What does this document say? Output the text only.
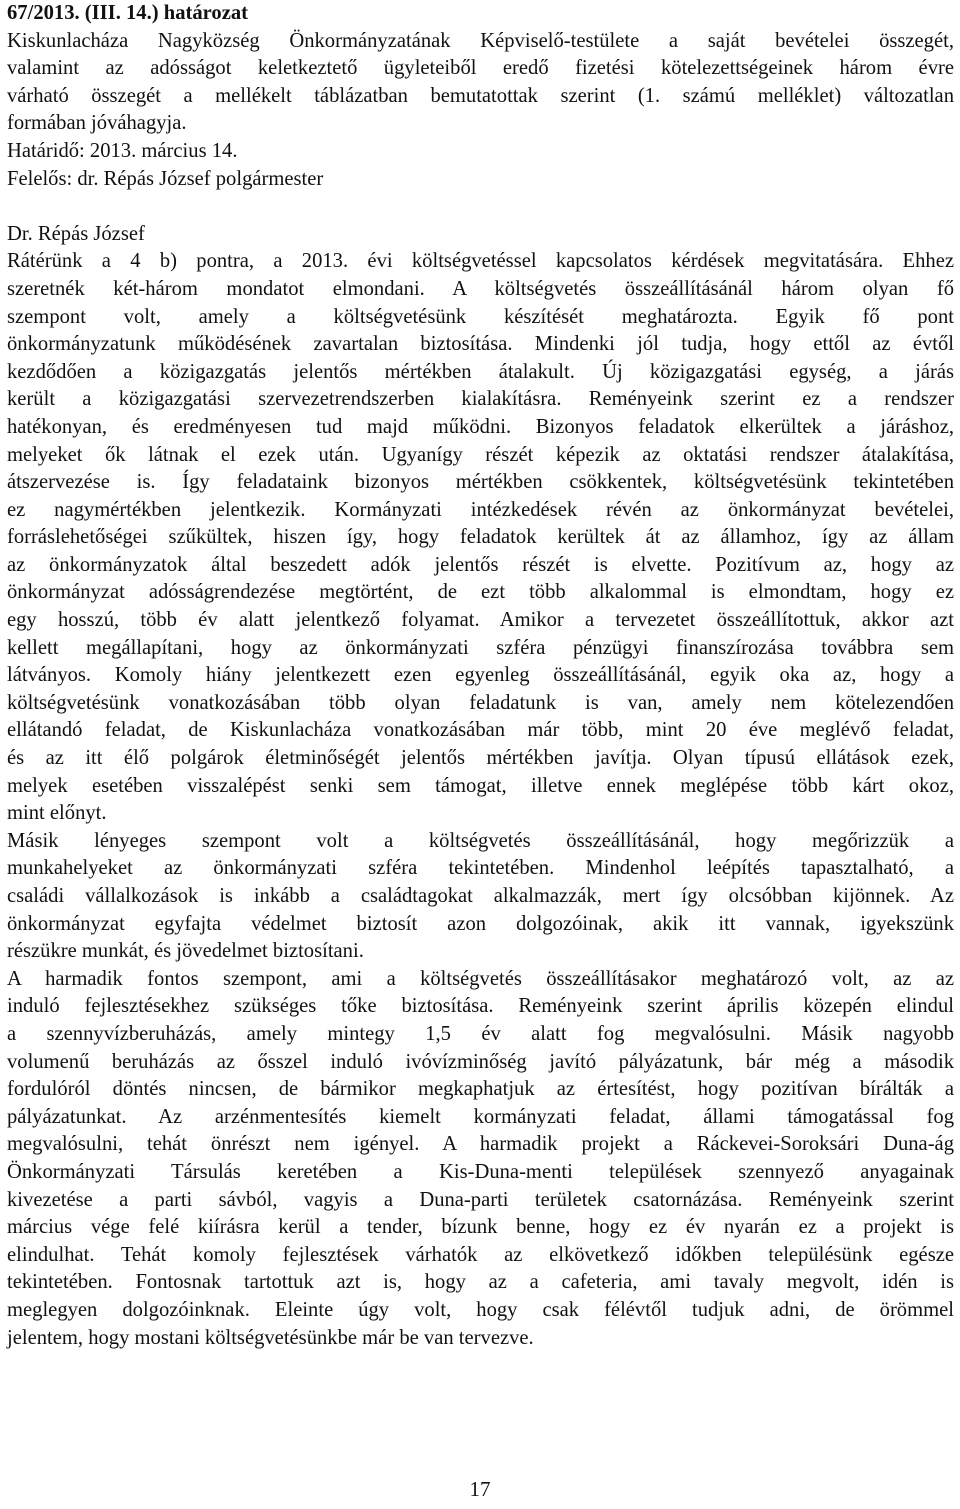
67/2013. (III. 14.) határozat
Kiskunlacháza Nagyközség Önkormányzatának Képviselő-testülete a saját bevételei összegét,
valamint az adósságot keletkeztető ügyleteiből eredő fizetési kötelezettségeinek három évre
várható összegét a mellékelt táblázatban bemutatottak szerint (1. számú melléklet) változatlan
formában jóváhagyja.
Határidő: 2013. március 14.
Felelős: dr. Répás József polgármester
Dr. Répás József
Rátérünk a 4 b) pontra, a 2013. évi költségvetéssel kapcsolatos kérdések megvitatására. Ehhez
szeretnék két-három mondatot elmondani. A költségvetés összeállításánál három olyan fő
szempont volt, amely a költségvetésünk készítését meghatározta. Egyik fő pont
önkormányzatunk működésének zavartalan biztosítása. Mindenki jól tudja, hogy ettől az évtől
kezdődően a közigazgatás jelentős mértékben átalakult. Új közigazgatási egység, a járás
került a közigazgatási szervezetrendszerben kialakításra. Reményeink szerint ez a rendszer
hatékonyan, és eredményesen tud majd működni. Bizonyos feladatok elkerültek a járáshoz,
melyeket ők látnak el ezek után. Ugyanígy részét képezik az oktatási rendszer átalakítása,
átszervezése is. Így feladataink bizonyos mértékben csökkentek, költségvetésünk tekintetében
ez nagymértékben jelentkezik. Kormányzati intézkedések révén az önkormányzat bevételei,
forráslehetőségei szűkültek, hiszen így, hogy feladatok kerültek át az államhoz, így az állam
az önkormányzatok által beszedett adók jelentős részét is elvette. Pozitívum az, hogy az
önkormányzat adósságrendezése megtörtént, de ezt több alkalommal is elmondtam, hogy ez
egy hosszú, több év alatt jelentkező folyamat. Amikor a tervezetet összeállítottuk, akkor azt
kellett megállapítani, hogy az önkormányzati szféra pénzügyi finanszírozása továbbra sem
látványos. Komoly hiány jelentkezett ezen egyenleg összeállításánál, egyik oka az, hogy a
költségvetésünk vonatkozásában több olyan feladatunk is van, amely nem kötelezendően
ellátandó feladat, de Kiskunlacháza vonatkozásában már több, mint 20 éve meglévő feladat,
és az itt élő polgárok életminőségét jelentős mértékben javítja. Olyan típusú ellátások ezek,
melyek esetében visszalépést senki sem támogat, illetve ennek meglépése több kárt okoz,
mint előnyt.
Másik lényeges szempont volt a költségvetés összeállításánál, hogy megőrizzük a
munkahelyeket az önkormányzati szféra tekintetében. Mindenhol leépítés tapasztalható, a
családi vállalkozások is inkább a családtagokat alkalmazzák, mert így olcsóbban kijönnek. Az
önkormányzat egyfajta védelmet biztosít azon dolgozóinak, akik itt vannak, igyekszünk
részükre munkát, és jövedelmet biztosítani.
A harmadik fontos szempont, ami a költségvetés összeállításakor meghatározó volt, az az
induló fejlesztésekhez szükséges tőke biztosítása. Reményeink szerint április közepén elindul
a szennyvízberuházás, amely mintegy 1,5 év alatt fog megvalósulni. Másik nagyobb
volumenű beruházás az ősszel induló ivóvízminőség javító pályázatunk, bár még a második
fordulóról döntés nincsen, de bármikor megkaphatjuk az értesítést, hogy pozitívan bírálták a
pályázatunkat. Az arzénmentesítés kiemelt kormányzati feladat, állami támogatással fog
megvalósulni, tehát önrészt nem igényel. A harmadik projekt a Ráckevei-Soroksári Duna-ág
Önkormányzati Társulás keretében a Kis-Duna-menti települések szennyező anyagainak
kivezetése a parti sávból, vagyis a Duna-parti területek csatornázása. Reményeink szerint
március vége felé kiírásra kerül a tender, bízunk benne, hogy ez év nyarán ez a projekt is
elindulhat. Tehát komoly fejlesztések várhatók az elkövetkező időkben településünk egésze
tekintetében. Fontosnak tartottuk azt is, hogy az a cafeteria, ami tavaly megvolt, idén is
meglegyen dolgozóinknak. Eleinte úgy volt, hogy csak félévtől tudjuk adni, de örömmel
jelentem, hogy mostani költségvetésünkbe már be van tervezve.
17
